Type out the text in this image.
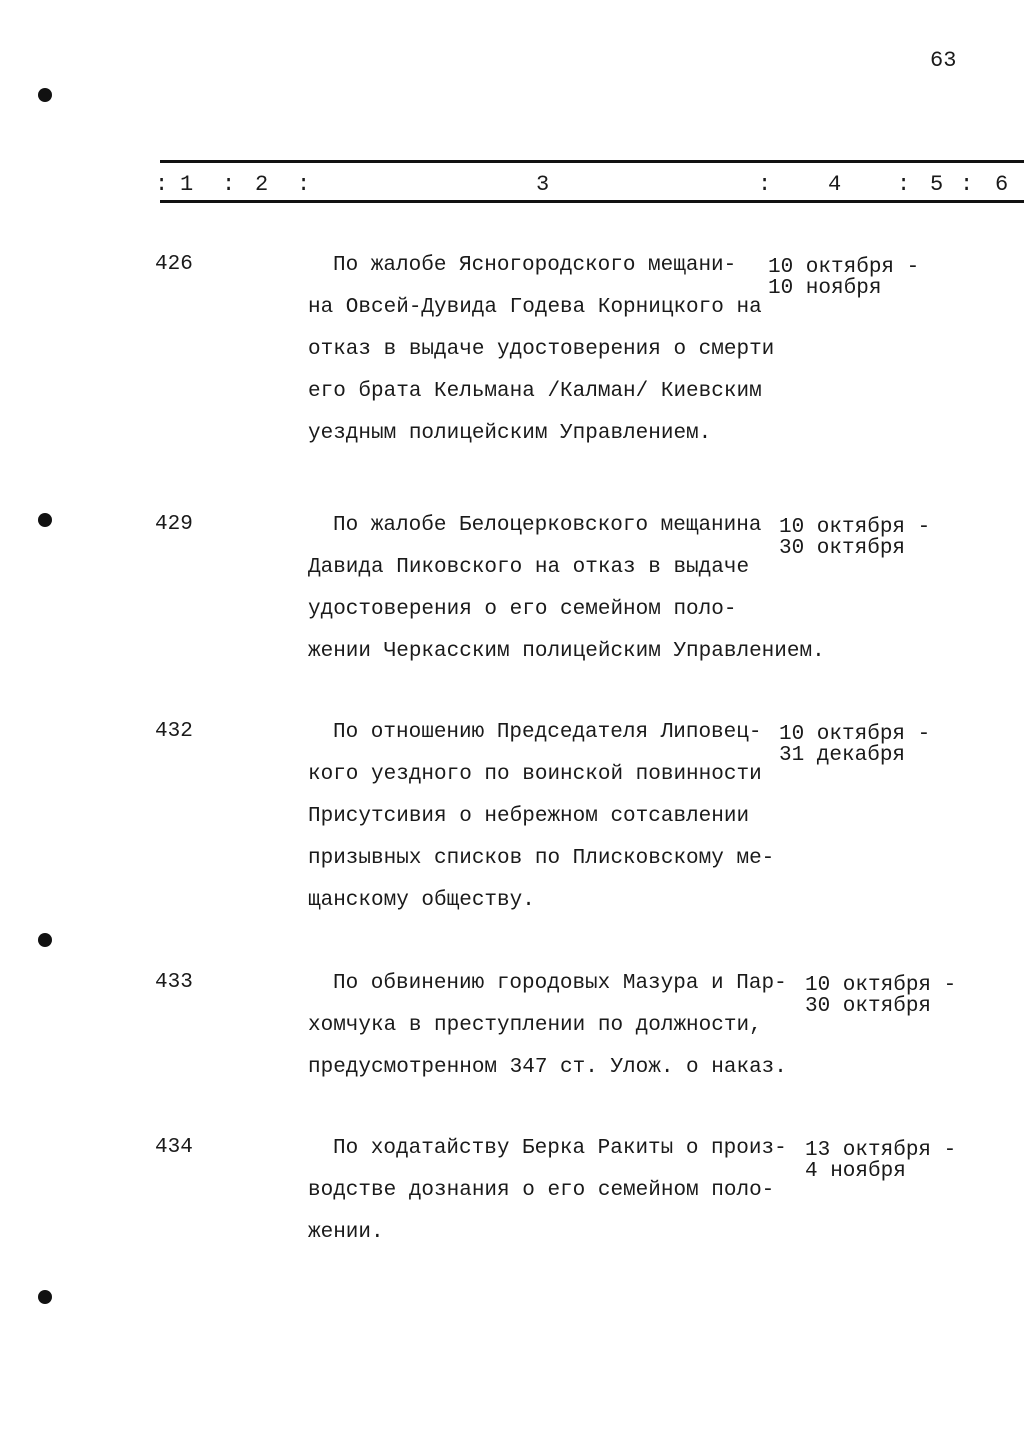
63
: 1 : 2 :	3	:	4	: 5 : 6
426	По жалобе Ясногородского мещани-
на Овсей-Дувида Годева Корницкого на
отказ в выдаче удостоверения о смерти
его брата Кельмана /Калман/ Киевским
уездным полицейским Управлением.
10 октября -
10 ноября
429	По жалобе Белоцерковского мещанина
Давида Пиковского на отказ в выдаче
удостоверения о его семейном поло-
жении Черкасским полицейским Управлением.
10 октября -
30 октября
432	По отношению Председателя Липовец-
кого уездного по воинской повинности
Присутсивия о небрежном сотсавлении
призывных списков по Плисковскому ме-
щанскому обществу.
10 октября -
31 декабря
433	По обвинению городовых Мазура и Пар-
хомчука в преступлении по должности,
предусмотренном 347 ст. Улож. о наказ.
10 октября -
30 октября
434	По ходатайству Берка Ракиты о произ-
водстве дознания о его семейном поло-
жении.
13 октября -
4 ноября
